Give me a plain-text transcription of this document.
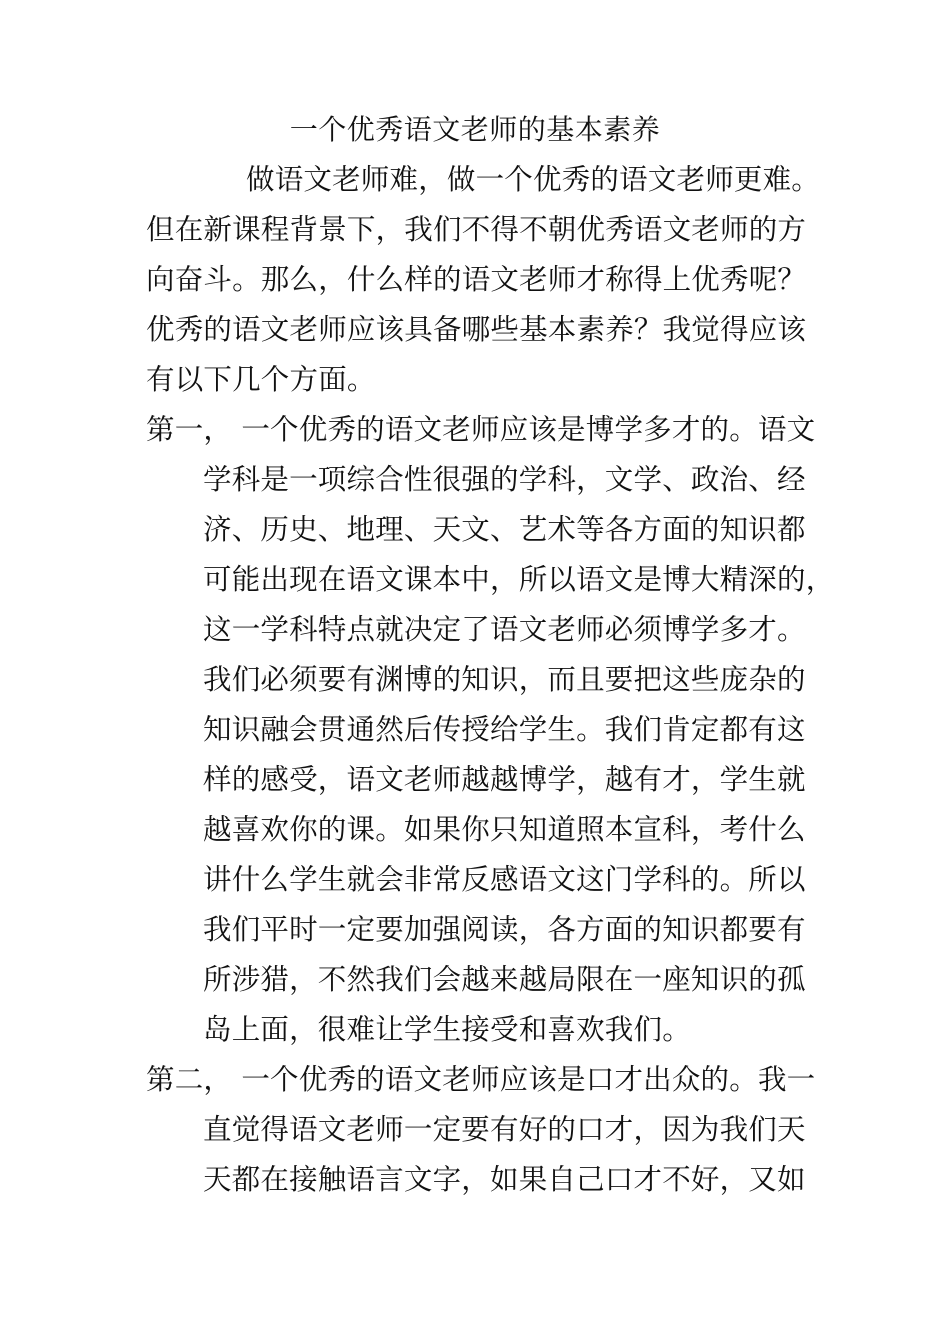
一个优秀语文老师的基本素养
做语文老师难，做一个优秀的语文老师更难。
但在新课程背景下，我们不得不朝优秀语文老师的方
向奋斗。那么，什么样的语文老师才称得上优秀呢？
优秀的语文老师应该具备哪些基本素养？我觉得应该
有以下几个方面。
第一， 一个优秀的语文老师应该是博学多才的。语文
学科是一项综合性很强的学科，文学、政治、经
济、历史、地理、天文、艺术等各方面的知识都
可能出现在语文课本中，所以语文是博大精深的，
这一学科特点就决定了语文老师必须博学多才。
我们必须要有渊博的知识，而且要把这些庞杂的
知识融会贯通然后传授给学生。我们肯定都有这
样的感受，语文老师越越博学，越有才，学生就
越喜欢你的课。如果你只知道照本宣科，考什么
讲什么学生就会非常反感语文这门学科的。所以
我们平时一定要加强阅读，各方面的知识都要有
所涉猎，不然我们会越来越局限在一座知识的孤
岛上面，很难让学生接受和喜欢我们。
第二， 一个优秀的语文老师应该是口才出众的。我一
直觉得语文老师一定要有好的口才，因为我们天
天都在接触语言文字，如果自己口才不好，又如
